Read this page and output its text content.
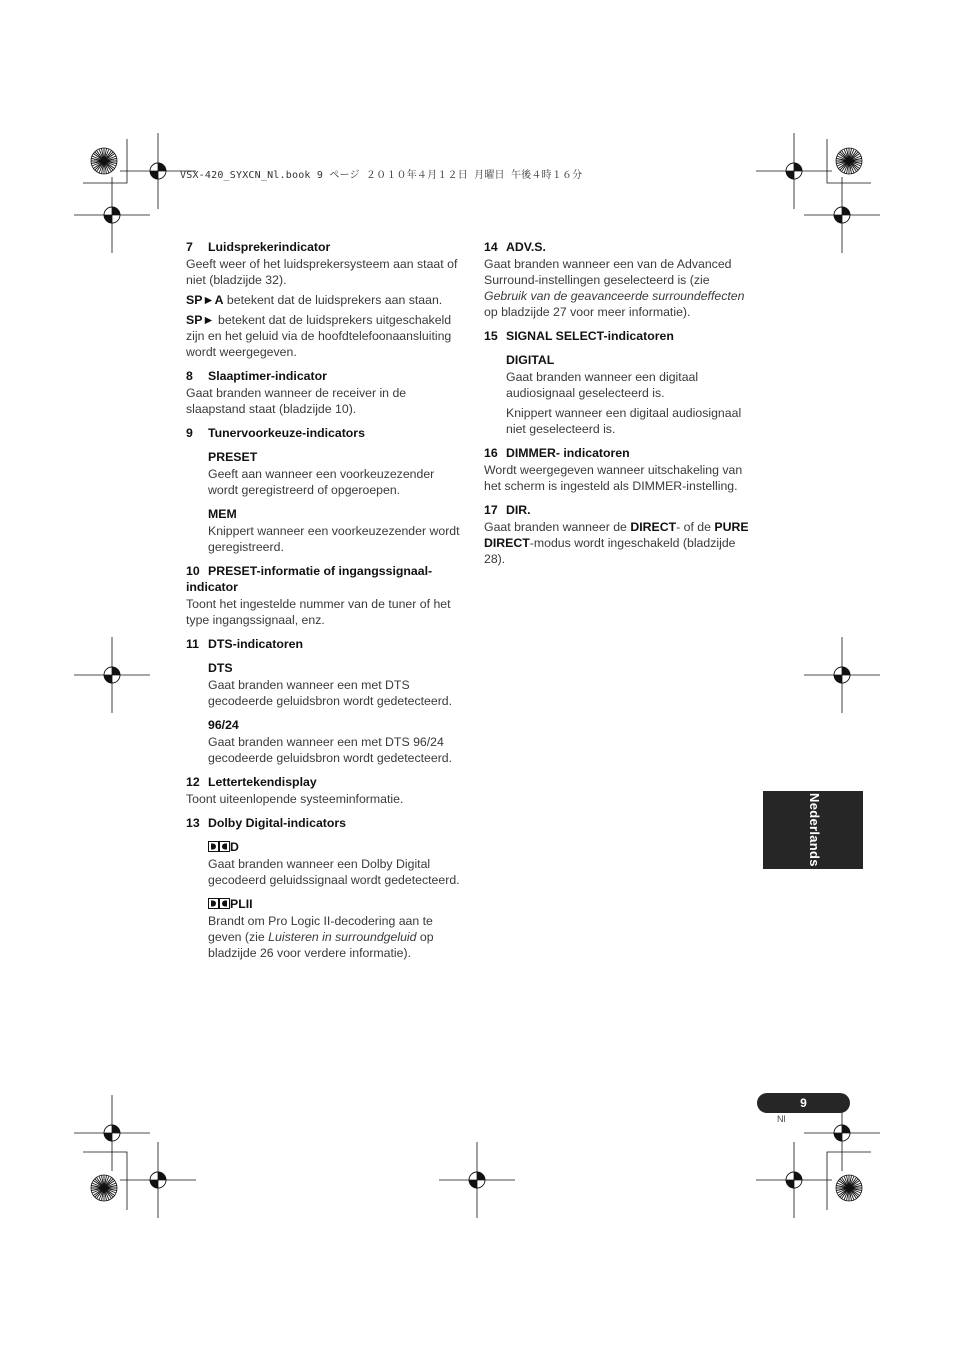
VSX-420_SYXCN_Nl.book 9 ページ ２０１０年４月１２日 月曜日 午後４時１６分
7 Luidsprekerindicator

Geeft weer of het luidsprekersysteem aan staat of niet (bladzijde 32).

SP►A betekent dat de luidsprekers aan staan.

SP► betekent dat de luidsprekers uitgeschakeld zijn en het geluid via de hoofdtelefoonaansluiting wordt weergegeven.

8 Slaaptimer-indicator

Gaat branden wanneer de receiver in de slaapstand staat (bladzijde 10).

9 Tunervoorkeuze-indicators
PRESET

Geeft aan wanneer een voorkeuzezender wordt geregistreerd of opgeroepen.

MEM

Knippert wanneer een voorkeuzezender wordt geregistreerd.

10 PRESET-informatie of ingangssignaal-indicator

Toont het ingestelde nummer van de tuner of het type ingangssignaal, enz.

11 DTS-indicatoren
DTS

Gaat branden wanneer een met DTS gecodeerde geluidsbron wordt gedetecteerd.

96/24

Gaat branden wanneer een met DTS 96/24 gecodeerde geluidsbron wordt gedetecteerd.

12 Lettertekendisplay

Toont uiteenlopende systeeminformatie.

13 Dolby Digital-indicators
D

Gaat branden wanneer een Dolby Digital gecodeerd geluidssignaal wordt gedetecteerd.

PLII

Brandt om Pro Logic II-decodering aan te geven (zie Luisteren in surroundgeluid op bladzijde 26 voor verdere informatie).

14 ADV.S.

Gaat branden wanneer een van de Advanced Surround-instellingen geselecteerd is (zie Gebruik van de geavanceerde surroundeffecten op bladzijde 27 voor meer informatie).

15 SIGNAL SELECT-indicatoren
DIGITAL

Gaat branden wanneer een digitaal audiosignaal geselecteerd is.

Knippert wanneer een digitaal audiosignaal niet geselecteerd is.

16 DIMMER- indicatoren

Wordt weergegeven wanneer uitschakeling van het scherm is ingesteld als DIMMER-instelling.

17 DIR.

Gaat branden wanneer de DIRECT- of de PURE DIRECT-modus wordt ingeschakeld (bladzijde 28).

Nederlands
9
Nl
